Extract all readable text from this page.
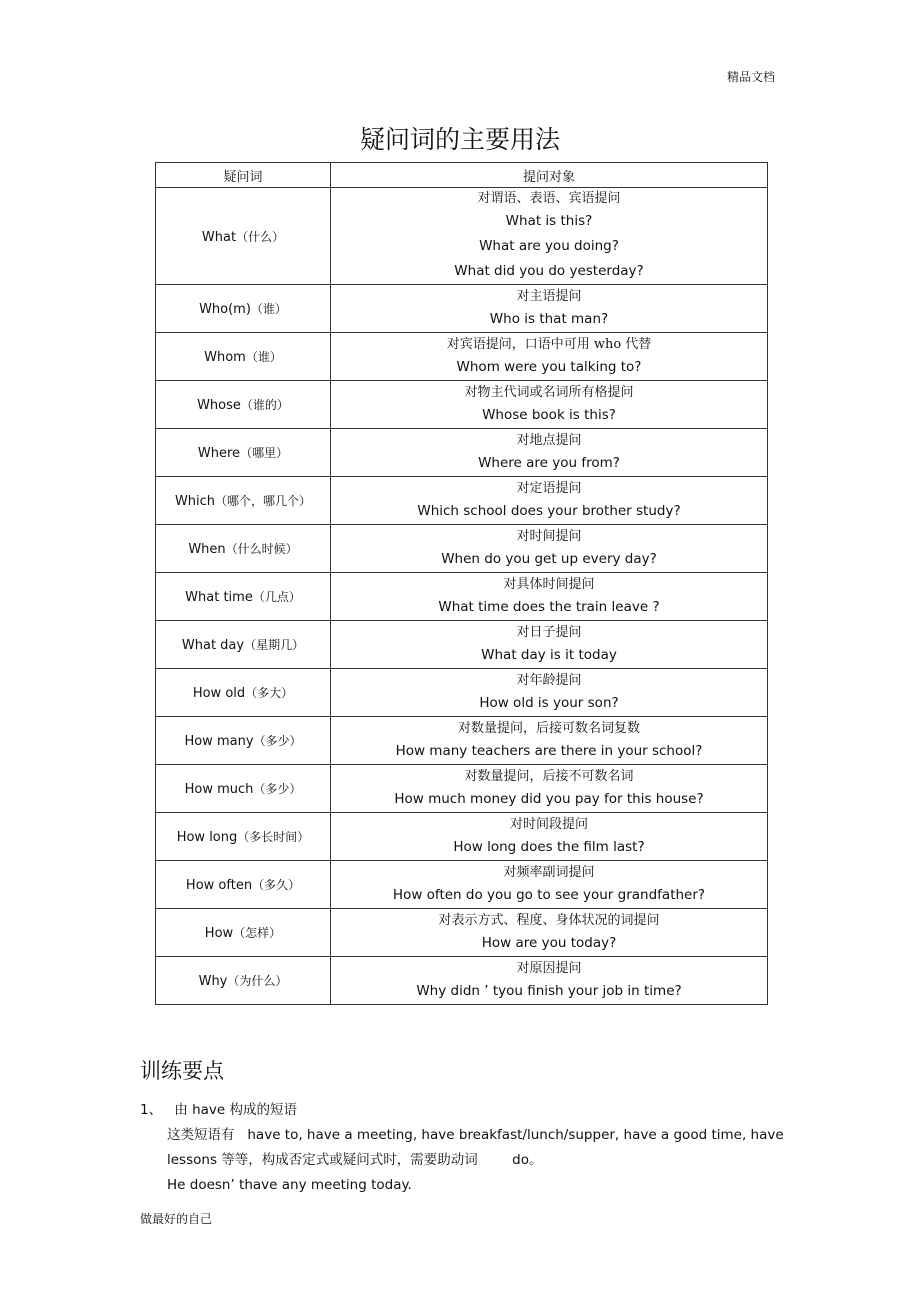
精品文档
疑问词的主要用法
疑问词	提问对象
What（什么）	对谓语、表语、宾语提问
What is this?
What are you doing?
What did you do yesterday?

Who(m)（谁）	对主语提问
Who is that man?

Whom（谁）	对宾语提问，口语中可用 who 代替
Whom were you talking to?

Whose（谁的）	对物主代词或名词所有格提问
Whose book is this?

Where（哪里）	对地点提问
Where are you from?

Which（哪个，哪几个）	对定语提问
Which school does your brother study?

When（什么时候）	对时间提问
When do you get up every day?

What time（几点）	对具体时间提问
What time does the train leave ?

What day（星期几）	对日子提问
What day is it today

How old（多大）	对年龄提问
How old is your son?

How many（多少）	对数量提问，后接可数名词复数
How many teachers are there in your school?

How much（多少）	对数量提问，后接不可数名词
How much money did you pay for this house?

How long（多长时间）	对时间段提问
How long does the film last?

How often（多久）	对频率副词提问
How often do you go to see your grandfather?

How（怎样）	对表示方式、程度、身体状况的词提问
How are you today?

Why（为什么）	对原因提问
Why didn ’ tyou finish your job in time?
训练要点
1、 由 have 构成的短语
这类短语有 have to, have a meeting, have breakfast/lunch/supper, have a good time, have
lessons 等等，构成否定式或疑问式时，需要助动词	do。
He doesn’ thave any meeting today.
做最好的自己
